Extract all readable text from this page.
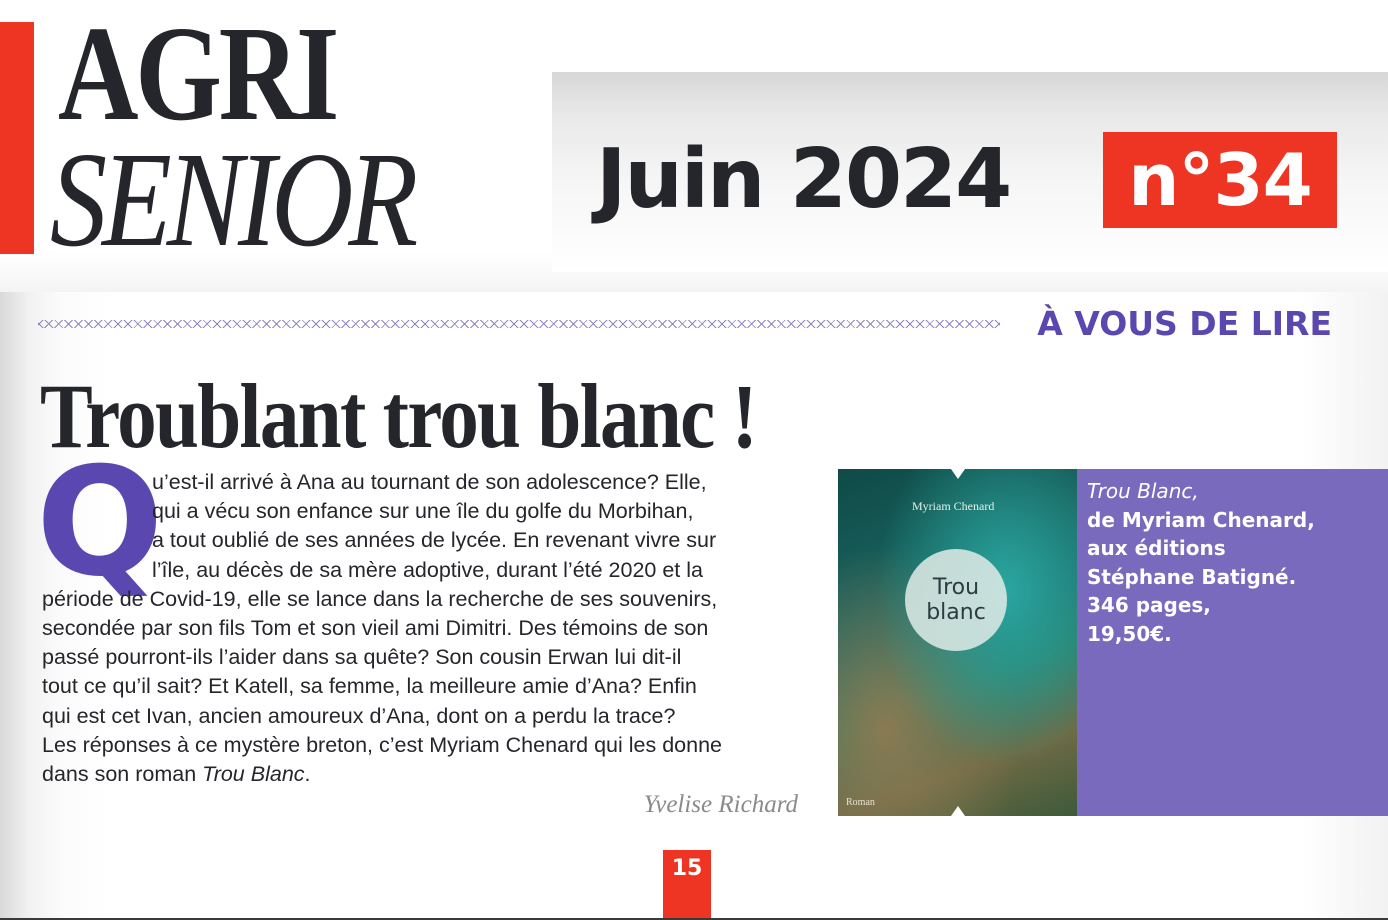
AGRI
SENIOR Juin 2024	n°34
À VOUS DE LIRE
Troublant trou blanc !
Q
u’est-il arrivé à Ana au tournant de son adolescence? Elle,
qui a vécu son enfance sur une île du golfe du Morbihan,
a tout oublié de ses années de lycée. En revenant vivre sur
l’île, au décès de sa mère adoptive, durant l’été 2020 et la
période de Covid-19, elle se lance dans la recherche de ses souvenirs,
secondée par son fils Tom et son vieil ami Dimitri. Des témoins de son
passé pourront-ils l’aider dans sa quête? Son cousin Erwan lui dit-il
tout ce qu’il sait? Et Katell, sa femme, la meilleure amie d’Ana? Enfin
qui est cet Ivan, ancien amoureux d’Ana, dont on a perdu la trace?
Les réponses à ce mystère breton, c’est Myriam Chenard qui les donne
dans son roman Trou Blanc.
Yvelise Richard
Myriam Chenard
Trou
blanc
Roman
Trou Blanc,
de Myriam Chenard,
aux éditions
Stéphane Batigné.
346 pages,
19,50€.
15
